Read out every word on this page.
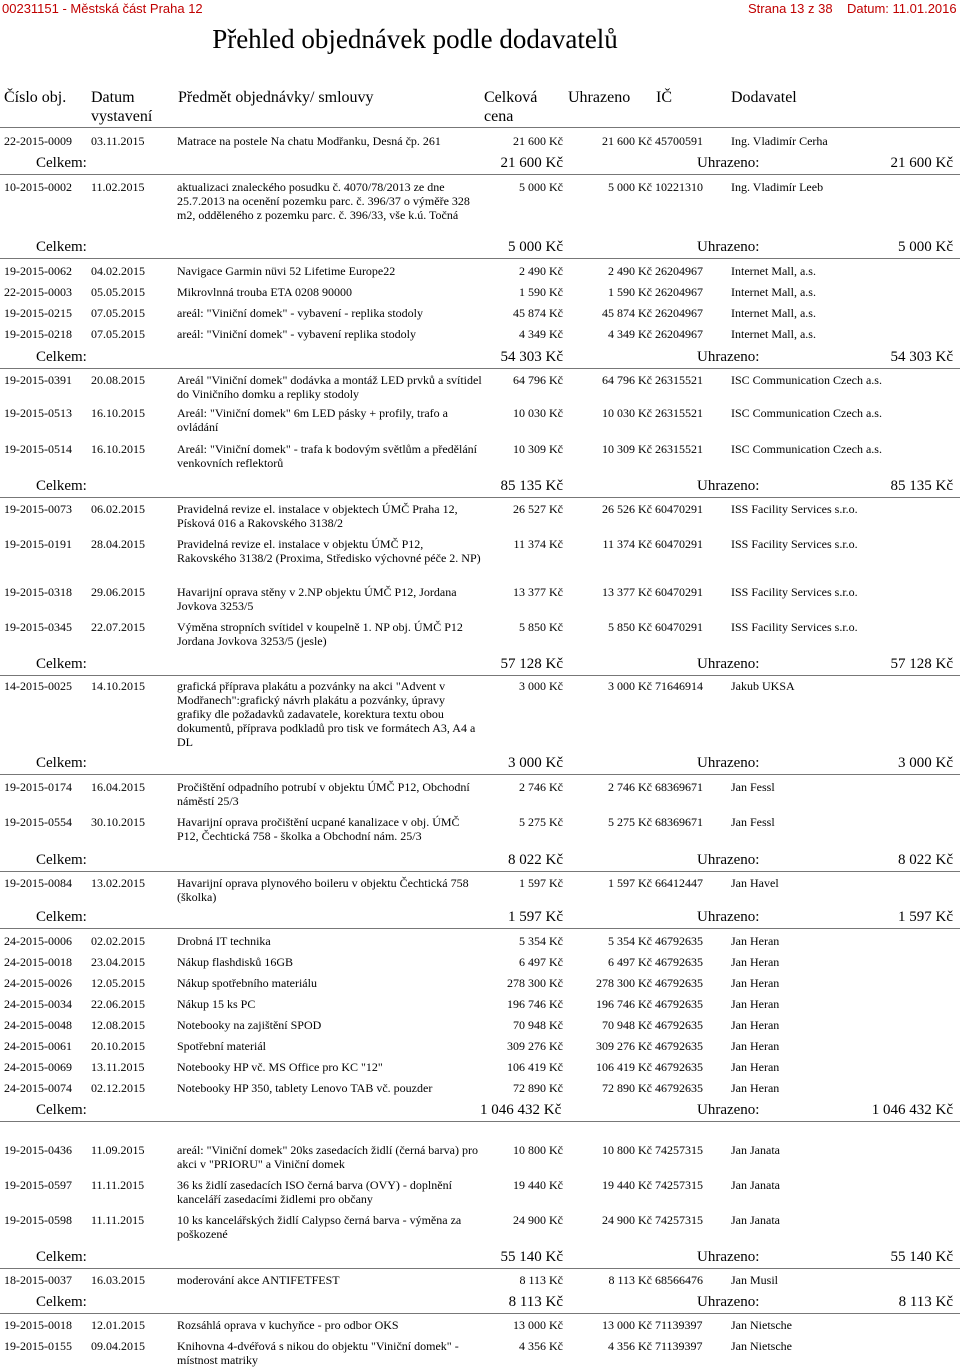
00231151 - Městská část Praha 12	Strana 13 z 38 Datum: 11.01.2016
Přehled objednávek podle dodavatelů
Číslo obj. Datum vystavení
Předmět objednávky/ smlouvy	Celková cena
Uhrazeno IČ	Dodavatel
22-2015-0009 03.11.2015	Matrace na postele Na chatu Modřanku, Desná čp. 261	21 600 Kč	21 600 Kč 45700591 Ing. Vladimír Cerha
Celkem:	21 600 Kč	Uhrazeno:	21 600 Kč
10-2015-0002 11.02.2015	aktualizaci znaleckého posudku č. 4070/78/2013 ze dne 25.7.2013 na ocenění pozemku parc. č. 396/37 o výměře 328 m2, odděleného z pozemku parc. č. 396/33, vše k.ú. Točná
5 000 Kč	5 000 Kč 10221310 Ing. Vladimír Leeb
Celkem:	5 000 Kč	Uhrazeno:	5 000 Kč
19-2015-0062 04.02.2015	Navigace Garmin nüvi 52 Lifetime Europe22	2 490 Kč	2 490 Kč 26204967 Internet Mall, a.s.
22-2015-0003 05.05.2015	Mikrovlnná trouba ETA 0208 90000	1 590 Kč	1 590 Kč 26204967 Internet Mall, a.s.
19-2015-0215 07.05.2015	areál: "Viniční domek" - vybavení - replika stodoly	45 874 Kč	45 874 Kč 26204967 Internet Mall, a.s.
19-2015-0218 07.05.2015	areál: "Viniční domek" - vybavení replika stodoly	4 349 Kč	4 349 Kč 26204967 Internet Mall, a.s.
Celkem:	54 303 Kč	Uhrazeno:	54 303 Kč
19-2015-0391 20.08.2015	Areál "Viniční domek" dodávka a montáž LED prvků a svítidel do Viničního domku a repliky stodoly
64 796 Kč	64 796 Kč 26315521 ISC Communication Czech a.s.
19-2015-0513 16.10.2015	Areál: "Viniční domek" 6m LED pásky + profily, trafo a ovládání
10 030 Kč	10 030 Kč 26315521 ISC Communication Czech a.s.
19-2015-0514 16.10.2015	Areál: "Viniční domek" - trafa k bodovým světlům a předělání venkovních reflektorů
10 309 Kč	10 309 Kč 26315521 ISC Communication Czech a.s.
Celkem:	85 135 Kč	Uhrazeno:	85 135 Kč
19-2015-0073 06.02.2015	Pravidelná revize el. instalace v objektech ÚMČ Praha 12, Písková 016 a Rakovského 3138/2
26 527 Kč	26 526 Kč 60470291 ISS Facility Services s.r.o.
19-2015-0191 28.04.2015	Pravidelná revize el. instalace v objektu ÚMČ P12, Rakovského 3138/2 (Proxima, Středisko výchovné péče 2. NP)
11 374 Kč	11 374 Kč 60470291 ISS Facility Services s.r.o.
19-2015-0318 29.06.2015	Havarijní oprava stěny v 2.NP objektu ÚMČ P12, Jordana Jovkova 3253/5
13 377 Kč	13 377 Kč 60470291 ISS Facility Services s.r.o.
19-2015-0345 22.07.2015	Výměna stropních svítidel v koupelně 1. NP obj. ÚMČ P12 Jordana Jovkova 3253/5 (jesle)
5 850 Kč	5 850 Kč 60470291 ISS Facility Services s.r.o.
Celkem:	57 128 Kč	Uhrazeno:	57 128 Kč
14-2015-0025 14.10.2015	grafická příprava plakátu a pozvánky na akci "Advent v Modřanech":grafický návrh plakátu a pozvánky, úpravy grafiky dle požadavků zadavatele, korektura textu obou dokumentů, příprava podkladů pro tisk ve formátech A3, A4 a DL
3 000 Kč	3 000 Kč 71646914 Jakub UKSA
Celkem:	3 000 Kč	Uhrazeno:	3 000 Kč
19-2015-0174 16.04.2015	Pročištění odpadního potrubí v objektu ÚMČ P12, Obchodní náměstí 25/3
2 746 Kč	2 746 Kč 68369671 Jan Fessl
19-2015-0554 30.10.2015	Havarijní oprava pročištění ucpané kanalizace v obj. ÚMČ P12, Čechtická 758 - školka a Obchodní nám. 25/3
5 275 Kč	5 275 Kč 68369671 Jan Fessl
Celkem:	8 022 Kč	Uhrazeno:	8 022 Kč
19-2015-0084 13.02.2015	Havarijní oprava plynového boileru v objektu Čechtická 758 (školka)
1 597 Kč	1 597 Kč 66412447 Jan Havel
Celkem:	1 597 Kč	Uhrazeno:	1 597 Kč
24-2015-0006 02.02.2015	Drobná IT technika	5 354 Kč	5 354 Kč 46792635 Jan Heran
24-2015-0018 23.04.2015	Nákup flashdisků 16GB	6 497 Kč	6 497 Kč 46792635 Jan Heran
24-2015-0026 12.05.2015	Nákup spotřebního materiálu	278 300 Kč	278 300 Kč 46792635 Jan Heran
24-2015-0034 22.06.2015	Nákup 15 ks PC	196 746 Kč	196 746 Kč 46792635 Jan Heran
24-2015-0048 12.08.2015	Notebooky na zajištění SPOD	70 948 Kč	70 948 Kč 46792635 Jan Heran
24-2015-0061 20.10.2015	Spotřební materiál	309 276 Kč	309 276 Kč 46792635 Jan Heran
24-2015-0069 13.11.2015	Notebooky HP vč. MS Office pro KC "12"	106 419 Kč	106 419 Kč 46792635 Jan Heran
24-2015-0074 02.12.2015	Notebooky HP 350, tablety Lenovo TAB vč. pouzder	72 890 Kč	72 890 Kč 46792635 Jan Heran
Celkem:	1 046 432 Kč	Uhrazeno:	1 046 432 Kč
19-2015-0436 11.09.2015	areál: "Viniční domek" 20ks zasedacích židlí (černá barva) pro akci v "PRIORU" a Viniční domek
10 800 Kč	10 800 Kč 74257315 Jan Janata
19-2015-0597 11.11.2015	36 ks židlí zasedacích ISO černá barva (OVY) - doplnění kanceláří zasedacími židlemi pro občany
19 440 Kč	19 440 Kč 74257315 Jan Janata
19-2015-0598 11.11.2015	10 ks kancelářských židlí Calypso černá barva - výměna za poškozené
24 900 Kč	24 900 Kč 74257315 Jan Janata
Celkem:	55 140 Kč	Uhrazeno:	55 140 Kč
18-2015-0037 16.03.2015	moderování akce ANTIFETFEST	8 113 Kč	8 113 Kč 68566476 Jan Musil
Celkem:	8 113 Kč	Uhrazeno:	8 113 Kč
19-2015-0018 12.01.2015	Rozsáhlá oprava v kuchyňce - pro odbor OKS	13 000 Kč	13 000 Kč 71139397 Jan Nietsche
19-2015-0155 09.04.2015	Knihovna 4-dvéřová s nikou do objektu "Viniční domek" - místnost matriky
4 356 Kč	4 356 Kč 71139397 Jan Nietsche
